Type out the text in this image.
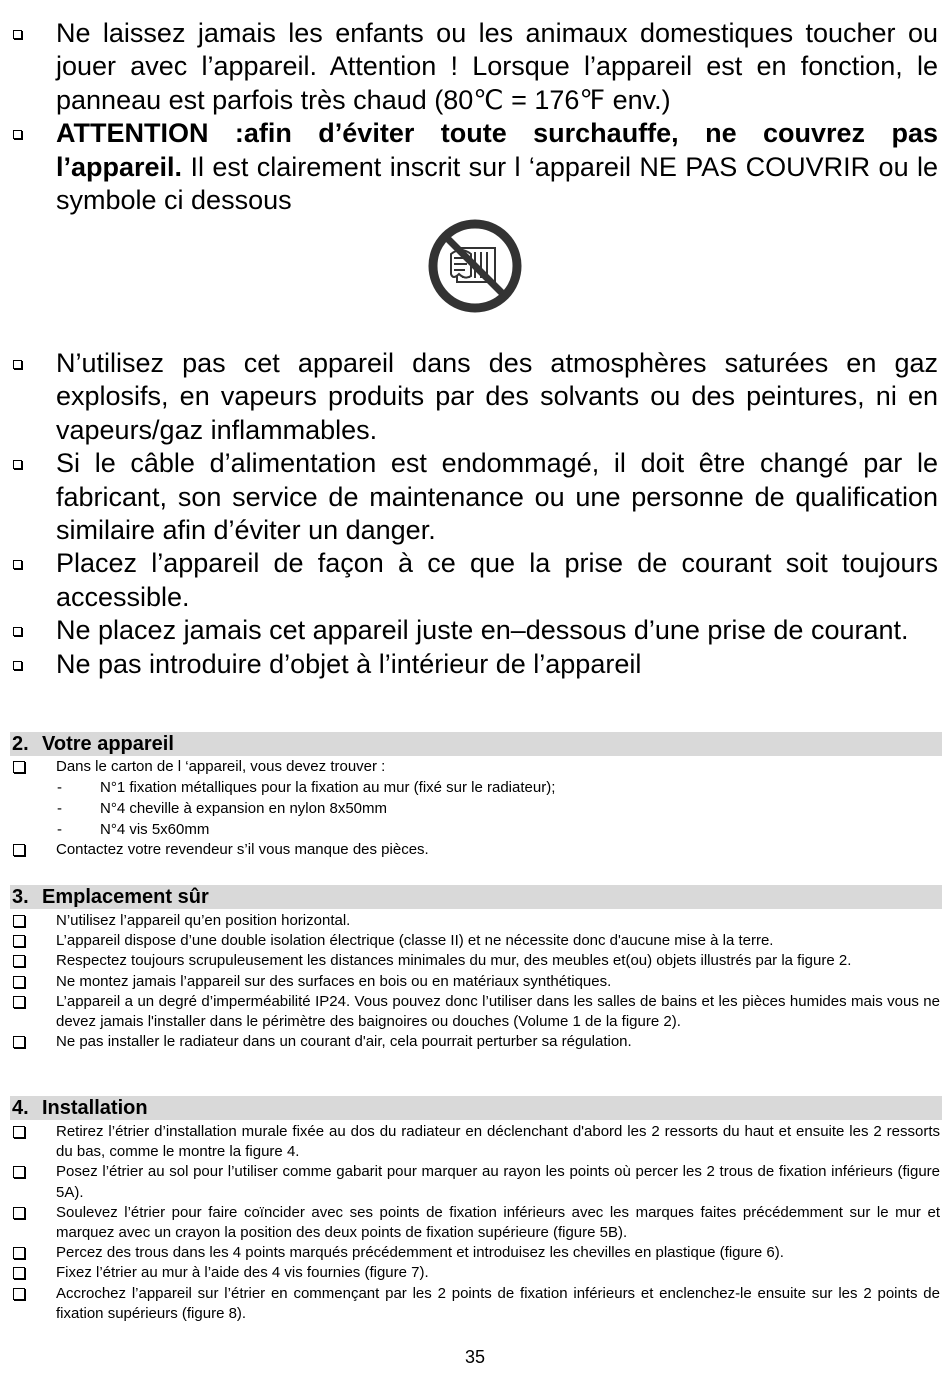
Ne laissez jamais les enfants ou les animaux domestiques toucher ou jouer avec l’appareil. Attention ! Lorsque l’appareil est en fonction, le panneau est parfois très chaud (80℃ = 176℉ env.)
ATTENTION :afin d’éviter toute surchauffe, ne couvrez pas l’appareil. Il est clairement inscrit sur l ‘appareil NE PAS COUVRIR ou le symbole ci dessous
N’utilisez pas cet appareil dans des atmosphères saturées en gaz explosifs, en vapeurs produits par des solvants ou des peintures, ni en vapeurs/gaz inflammables.
Si le câble d’alimentation est endommagé, il doit être changé par le fabricant, son service de maintenance ou une personne de qualification similaire afin d’éviter un danger.
Placez l’appareil de façon à ce que la prise de courant soit toujours accessible.
Ne placez jamais cet appareil juste en–dessous d’une prise de courant.
Ne pas introduire d’objet à l’intérieur de l’appareil
2. Votre appareil
Dans le carton de l ‘appareil, vous devez trouver :
-	N°1 fixation métalliques pour la fixation au mur (fixé sur le radiateur);
-	N°4 cheville à expansion en nylon 8x50mm
-	N°4 vis 5x60mm
Contactez votre revendeur s’il vous manque des pièces.
3. Emplacement sûr
N’utilisez l’appareil qu’en position horizontal.
L’appareil dispose d’une double isolation électrique (classe II) et ne nécessite donc d'aucune mise à la terre.
Respectez toujours scrupuleusement les distances minimales du mur, des meubles et(ou) objets illustrés par la figure 2.
Ne montez jamais l’appareil sur des surfaces en bois ou en matériaux synthétiques.
L’appareil a un degré d’imperméabilité IP24. Vous pouvez donc l’utiliser dans les salles de bains et les pièces humides mais vous ne devez jamais l'installer dans le périmètre des baignoires ou douches (Volume 1 de la figure 2).
Ne pas installer le radiateur dans un courant d'air, cela pourrait perturber sa régulation.
4. Installation
Retirez l’étrier d’installation murale fixée au dos du radiateur en déclenchant d'abord les 2 ressorts du haut et ensuite les 2 ressorts du bas, comme le montre la figure 4.
Posez l’étrier au sol pour l’utiliser comme gabarit pour marquer au rayon les points où percer les 2 trous de fixation inférieurs (figure 5A).
Soulevez l’étrier pour faire coïncider avec ses points de fixation inférieurs avec les marques faites précédemment sur le mur et marquez avec un crayon la position des deux points de fixation supérieure (figure 5B).
Percez des trous dans les 4 points marqués précédemment et introduisez les chevilles en plastique (figure 6).
Fixez l’étrier au mur à l’aide des 4 vis fournies (figure 7).
Accrochez l’appareil sur l’étrier en commençant par les 2 points de fixation inférieurs et enclenchez-le ensuite sur les 2 points de fixation supérieurs (figure 8).
35
